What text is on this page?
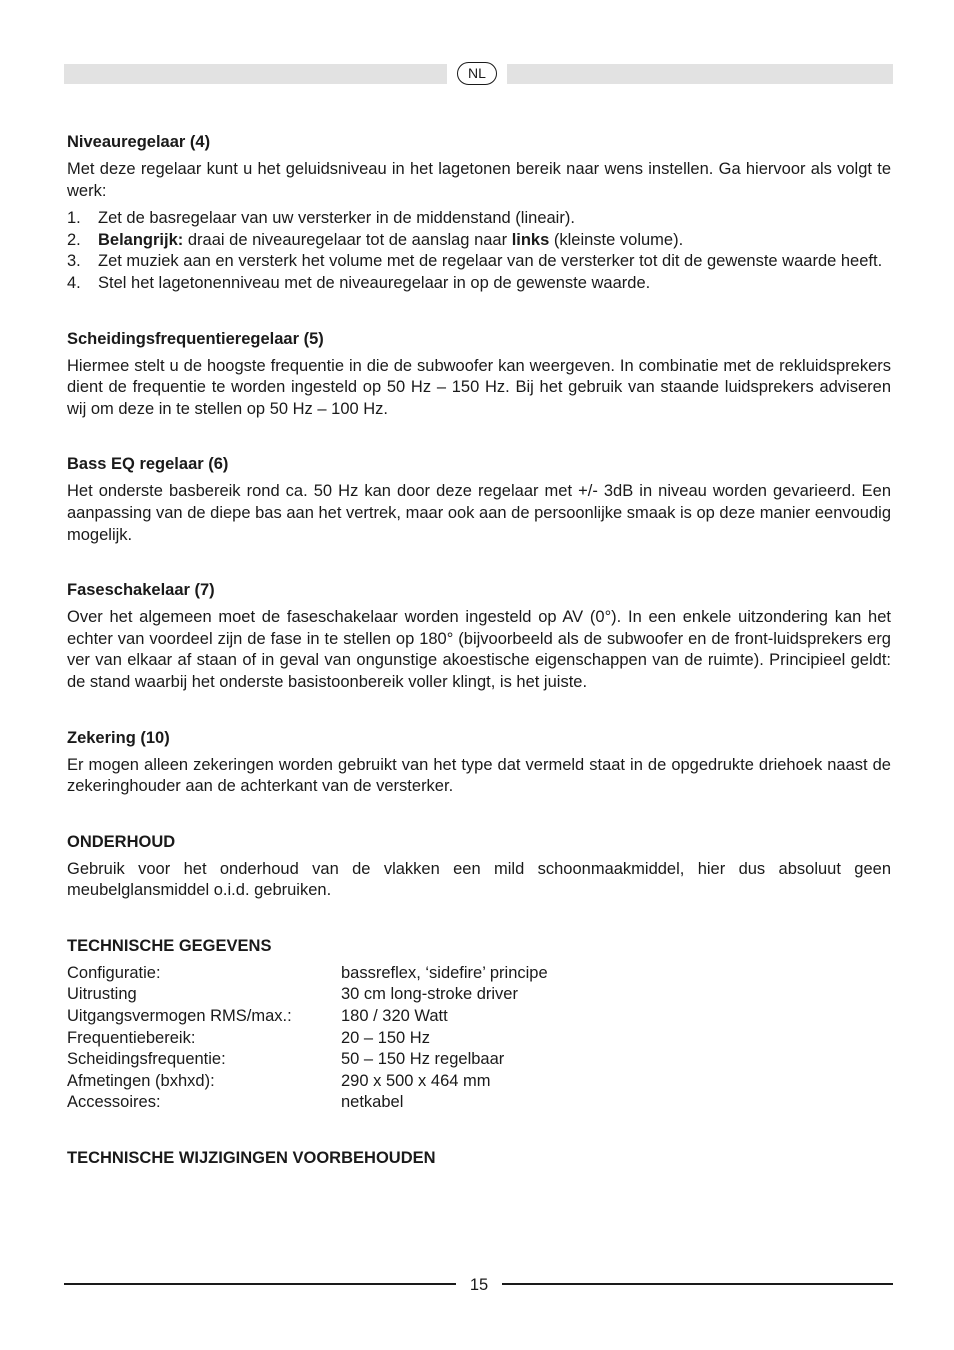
NL
Niveauregelaar (4)

Met deze regelaar kunt u het geluidsniveau in het lagetonen bereik naar wens instellen. Ga hiervoor als volgt te werk:

1.	Zet de basregelaar van uw versterker in de middenstand (lineair).
2.	Belangrijk: draai de niveauregelaar tot de aanslag naar links (kleinste volume).
3.	Zet muziek aan en versterk het volume met de regelaar van de versterker tot dit de gewenste waarde heeft.
4.	Stel het lagetonenniveau met de niveauregelaar in op de gewenste waarde.
Scheidingsfrequentieregelaar (5)

Hiermee stelt u de hoogste frequentie in die de subwoofer kan weergeven. In combinatie met de rekluidsprekers dient de frequentie te worden ingesteld op 50 Hz – 150 Hz. Bij het gebruik van staande luidsprekers adviseren wij om deze in te stellen op 50 Hz – 100 Hz.

Bass EQ regelaar (6)

Het onderste basbereik rond ca. 50 Hz kan door deze regelaar met +/- 3dB in niveau worden gevarieerd. Een aanpassing van de diepe bas aan het vertrek, maar ook aan de persoonlijke smaak is op deze manier eenvoudig mogelijk.

Faseschakelaar (7)

Over het algemeen moet de faseschakelaar worden ingesteld op AV (0°). In een enkele uitzondering kan het echter van voordeel zijn de fase in te stellen op 180° (bijvoorbeeld als de subwoofer en de front-luidsprekers erg ver van elkaar af staan of in geval van ongunstige akoestische eigenschappen van de ruimte). Principieel geldt: de stand waarbij het onderste basistoonbereik voller klingt, is het juiste.

Zekering (10)

Er mogen alleen zekeringen worden gebruikt van het type dat vermeld staat in de opgedrukte driehoek naast de zekeringhouder aan de achterkant van de versterker.

ONDERHOUD

Gebruik voor het onderhoud van de vlakken een mild schoonmaakmiddel, hier dus absoluut geen meubelglansmiddel o.i.d. gebruiken.

TECHNISCHE GEGEVENS
Configuratie:	bassreflex, ‘sidefire’ principe
Uitrusting	30 cm long-stroke driver
Uitgangsvermogen RMS/max.:	180 / 320 Watt
Frequentiebereik:	20 – 150 Hz
Scheidingsfrequentie:	50 – 150 Hz regelbaar
Afmetingen (bxhxd):	290 x 500 x 464 mm
Accessoires:	netkabel
TECHNISCHE WIJZIGINGEN VOORBEHOUDEN
15
